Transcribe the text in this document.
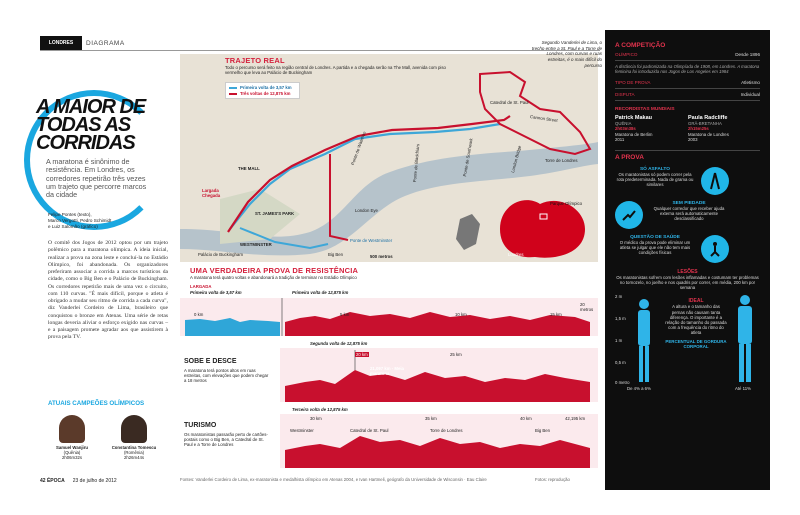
LONDRES DIAGRAMA
A MAIOR DE TODAS AS CORRIDAS
A maratona é sinônimo de resistência. Em Londres, os corredores repetirão três vezes um trajeto que percorre marcos da cidade
Felipe Pontes (texto),
Marco Vergotti, Pedro Schimidt
e Luiz Salomão (gráfico)
O comitê dos Jogos de 2012 optou por um trajeto polêmico para a maratona olímpica. A ideia inicial, realizar a prova na zona leste e concluí-la no Estádio Olímpico, foi abandonada. Os organizadores preferiram associar a corrida a marcos turísticos da cidade, como o Big Ben e o Palácio de Buckingham. Os corredores repetirão mais de uma vez o circuito, com 110 curvas. "É mais difícil, porque o atleta é obrigado a mudar seu ritmo de corrida a cada curva", diz Vanderlei Cordeiro de Lima, brasileiro que conquistou o bronze em Atenas. Uma série de retas longas deveria aliviar o esforço exigido nas curvas – e a paisagem promete agradar aos que assistirem à prova pela TV.
ATUAIS CAMPEÕES OLÍMPICOS
Samuel Wanjiru
(Quênia)
2h06m32s
Constantina Tomescu
(Romênia)
2h26m44s
TRAJETO REAL
Todo o percurso será feito na região central de Londres. A partida e a chegada serão na The Mall, avenida com piso vermelho que leva ao Palácio de Buckingham
Primeira volta de 3,57 km
Três voltas de 12,875 km
THE MALL
Largada Chegada
ST. JAMES'S PARK
WESTMINSTER
Palácio de Buckingham	Big Ben
London Eye
Ponte de Westminster
Catedral de St. Paul
Cannon Street
Torre de Londres
Ponte de Waterloo	Ponte de Blackfriars	Ponte de Southwark	London Bridge
Parque Olímpico
Londres
500 metros
Segundo Vanderlei de Lima, o trecho entre a St. Paul e a Torre de Londres, com curvas e ruas estreitas, é o mais difícil do percurso
UMA VERDADEIRA PROVA DE RESISTÊNCIA
A maratona terá quatro voltas e abandonará a tradição de terminar no Estádio Olímpico
LARGADA
Primeira volta de 3,57 km	Primeira volta de 12,875 km
0 km	5 km	10 km	15 km
20 metros
SOBE E DESCE
A maratona terá pontos altos em ruas estreitas, com elevações que podem chegar a 18 metros
Segunda volta de 12,875 km
20 km	25 km
21,097 km - Meia maratona
TURISMO
Os maratonistas passarão perto de cartões-postais como o Big Ben, a Catedral de St. Paul e a Torre de Londres
Terceira volta de 12,875 km
30 km	35 km	40 km	42,195 km
Westminster	Catedral de St. Paul	Torre de Londres	Big Ben
42 ÉPOCA 23 de julho de 2012	Fontes: Vanderlei Cordeiro de Lima, ex-maratonista e medalhista olímpico em Atenas 2004, e Ivan Hartmeli, geógrafo da Universidade de Wisconsin · Eau Claire	Fotos: reprodução
A COMPETIÇÃO
OLÍMPICO	Desde 1896
A distância foi padronizada na Olimpíada de 1908, em Londres. A maratona feminina foi introduzida nos Jogos de Los Angeles em 1984
TIPO DE PROVA	Atletismo
DISPUTA	Individual
RECORDISTAS MUNDIAIS
Patrick Makau
QUÊNIA
2h03m38s
Maratona de Berlim
2011
Paula Radcliffe
GRÃ-BRETANHA
2h15m25s
Maratona de Londres
2003
A PROVA
SÓ ASFALTO
Os maratonistas só podem correr pela rota predeterminada. Nada de grama ou similares
SEM PIEDADE
Qualquer corredor que receber ajuda externa será automaticamente desclassificado
QUESTÃO DE SAÚDE
O médico da prova pode eliminar um atleta se julgar que ele não tem mais condições físicas
LESÕES
Os maratonistas sofrem com lesões inflamadas e costumam ter problemas no tornozelo, no joelho e nos quadris por correr, em média, 200 km por semana
2 m
1,5 m
1 m
0,5 m
0 metro
IDEAL
A altura e o tamanho das pernas não causam tanta diferença. O importante é a relação do tamanho do passada com a frequência do ritmo do atleta
PERCENTUAL DE GORDURA CORPORAL
De 4% a 6%	Até 11%
